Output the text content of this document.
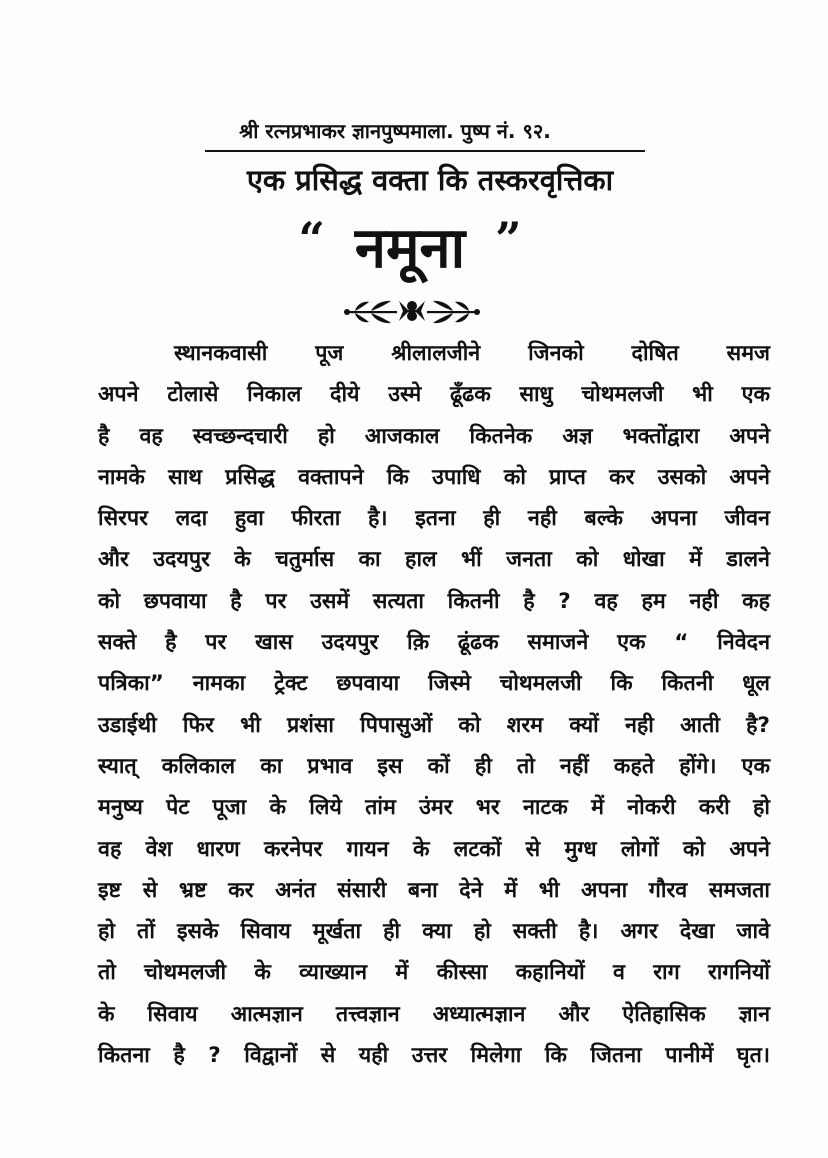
श्री रत्नप्रभाकर ज्ञानपुष्पमाला. पुष्प नं. ९२.
एक प्रसिद्ध वक्ता कि तस्करवृत्तिका
“ नमूना ”
स्थानकवासी पूज श्रीलालजीने जिनको दोषित समज
अपने टोलासे निकाल दीये उस्मे ढूँढक साधु चोथमलजी भी एक
है वह स्वच्छन्दचारी हो आजकाल कितनेक अज्ञ भक्तोंद्वारा अपने
नामके साथ प्रसिद्ध वक्तापने कि उपाधि को प्राप्त कर उसको अपने
सिरपर लदा हुवा फीरता है। इतना ही नही बल्के अपना जीवन
और उदयपुर के चतुर्मास का हाल भीं जनता को धोखा में डालने
को छपवाया है पर उसमें सत्यता कितनी है ? वह हम नही कह
सक्ते है पर खास उदयपुर क़ि ढूंढक समाजने एक “ निवेदन
पत्रिका” नामका ट्रेक्ट छपवाया जिस्मे चोथमलजी कि कितनी धूल
उडाईथी फिर भी प्रशंसा पिपासुओं को शरम क्यों नही आती है?
स्यात् कलिकाल का प्रभाव इस कों ही तो नहीं कहते होंगे। एक
मनुष्य पेट पूजा के लिये तांम उंमर भर नाटक में नोकरी करी हो
वह वेश धारण करनेपर गायन के लटकों से मुग्ध लोगों को अपने
इष्ट से भ्रष्ट कर अनंत संसारी बना देने में भी अपना गौरव समजता
हो तों इसके सिवाय मूर्खता ही क्या हो सक्ती है। अगर देखा जावे
तो चोथमलजी के व्याख्यान में कीस्सा कहानियों व राग रागनियों
के सिवाय आत्मज्ञान तत्त्वज्ञान अध्यात्मज्ञान और ऐतिहासिक ज्ञान
कितना है ? विद्वानों से यही उत्तर मिलेगा कि जितना पानीमें घृत।
